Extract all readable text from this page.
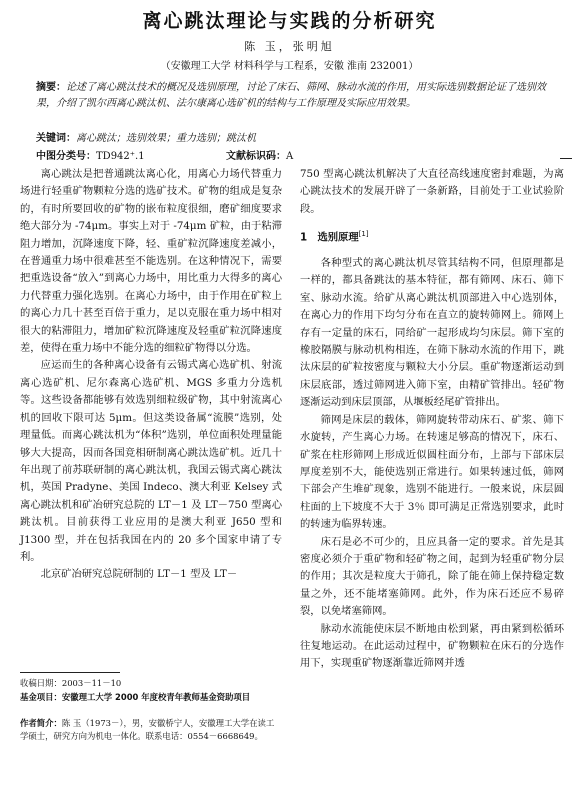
离心跳汰理论与实践的分析研究
陈 玉，张明旭
（安徽理工大学 材料科学与工程系，安徽 淮南 232001）
摘要：论述了离心跳汰技术的概况及选别原理，讨论了床石、筛网、脉动水流的作用，用实际选别数据论证了选别效果，介绍了凯尔西离心跳汰机、法尔康离心选矿机的结构与工作原理及实际应用效果。
关键词：离心跳汰；选别效果；重力选别；跳汰机
中图分类号：TD942⁺.1	文献标识码：A

离心跳汰是把普通跳汰离心化，用离心力场代替重力场进行轻重矿物颗粒分选的选矿技术。矿物的组成是复杂的，有时所要回收的矿物的嵌布粒度很细，磨矿细度要求绝大部分为 -74μm。事实上对于 -74μm 矿粒，由于粘滞阻力增加，沉降速度下降，轻、重矿粒沉降速度差减小，在普通重力场中很难甚至不能选别。在这种情况下，需要把重选设备“放入”到离心力场中，用比重力大得多的离心力代替重力强化选别。在离心力场中，由于作用在矿粒上的离心力几十甚至百倍于重力，足以克服在重力场中相对很大的粘滞阻力，增加矿粒沉降速度及轻重矿粒沉降速度差，使得在重力场中不能分选的细粒矿物得以分选。

应运而生的各种离心设备有云锡式离心选矿机、射流离心选矿机、尼尔森离心选矿机、MGS 多重力分选机等。这些设备都能够有效选别细粒级矿物，其中射流离心机的回收下限可达 5μm。但这类设备属“流膜”选别，处理量低。而离心跳汰机为“体积”选别，单位面积处理量能够大大提高，因而各国竞相研制离心跳汰选矿机。近几十年出现了前苏联研制的离心跳汰机，我国云锡式离心跳汰机，英国 Pradyne、美国 Indeco、澳大利亚 Kelsey 式离心跳汰机和矿冶研究总院的 LT－1 及 LT－750 型离心跳汰机。目前获得工业应用的是澳大利亚 J650 型和 J1300 型，并在包括我国在内的 20 多个国家申请了专利。

北京矿冶研究总院研制的 LT－1 型及 LT－

收稿日期：2003－11－10
基金项目：安徽理工大学 2000 年度校青年教师基金资助项目
作者简介：陈 玉（1973－），男，安徽桥宁人，安徽理工大学在读工学硕士，研究方向为机电一体化。联系电话：0554－6668649。

750 型离心跳汰机解决了大直径高线速度密封难题，为离心跳汰技术的发展开辟了一条新路，目前处于工业试验阶段。

1　选别原理[1]

各种型式的离心跳汰机尽管其结构不同，但原理都是一样的，都具备跳汰的基本特征，都有筛网、床石、筛下室、脉动水流。给矿从离心跳汰机顶部进入中心选别体，在离心力的作用下均匀分布在直立的旋转筛网上。筛网上存有一定量的床石，同给矿一起形成均匀床层。筛下室的橡胶隔膜与脉动机构相连，在筛下脉动水流的作用下，跳汰床层的矿粒按密度与颗粒大小分层。重矿物逐渐运动到床层底部，透过筛网进入筛下室，由精矿管排出。轻矿物逐渐运动到床层顶部，从堰板经尾矿管排出。

筛网是床层的载体，筛网旋转带动床石、矿浆、筛下水旋转，产生离心力场。在转速足够高的情况下，床石、矿浆在柱形筛网上形成近似圆柱面分布，上部与下部床层厚度差别不大，能使选别正常进行。如果转速过低，筛网下部会产生堆矿现象，选别不能进行。一般来说，床层圆柱面的上下坡度不大于 3％ 即可满足正常选别要求，此时的转速为临界转速。

床石是必不可少的，且应具备一定的要求。首先是其密度必须介于重矿物和轻矿物之间，起到为轻重矿物分层的作用；其次是粒度大于筛孔，除了能在筛上保持稳定数量之外，还不能堵塞筛网。此外，作为床石还应不易碎裂，以免堵塞筛网。

脉动水流能使床层不断地由松到紧，再由紧到松循环往复地运动。在此运动过程中，矿物颗粒在床石的分选作用下，实现重矿物逐渐靠近筛网并透
